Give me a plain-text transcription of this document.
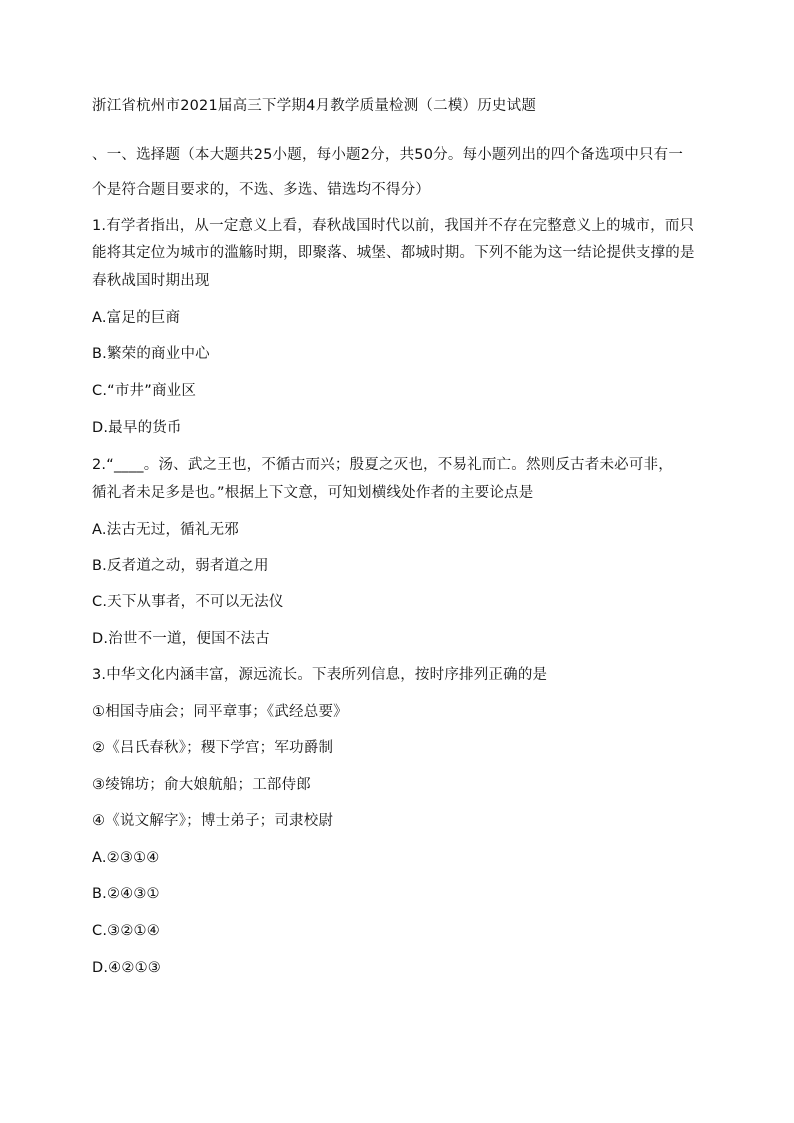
浙江省杭州市2021届高三下学期4月教学质量检测（二模）历史试题
、一、选择题（本大题共25小题，每小题2分，共50分。每小题列出的四个备选项中只有一
个是符合题目要求的，不选、多选、错选均不得分）
1.有学者指出，从一定意义上看，春秋战国时代以前，我国并不存在完整意义上的城市，而只
能将其定位为城市的滥觞时期，即聚落、城堡、都城时期。下列不能为这一结论提供支撑的是
春秋战国时期出现
A.富足的巨商
B.繁荣的商业中心
C.“市井”商业区
D.最早的货币
2.“____。汤、武之王也，不循古而兴；殷夏之灭也，不易礼而亡。然则反古者未必可非，
循礼者未足多是也。”根据上下文意，可知划横线处作者的主要论点是
A.法古无过，循礼无邪
B.反者道之动，弱者道之用
C.天下从事者，不可以无法仪
D.治世不一道，便国不法古
3.中华文化内涵丰富，源远流长。下表所列信息，按时序排列正确的是
①相国寺庙会；同平章事；《武经总要》
②《吕氏春秋》；稷下学宫；军功爵制
③绫锦坊；俞大娘航船；工部侍郎
④《说文解字》；博士弟子；司隶校尉
A.②③①④
B.②④③①
C.③②①④
D.④②①③
